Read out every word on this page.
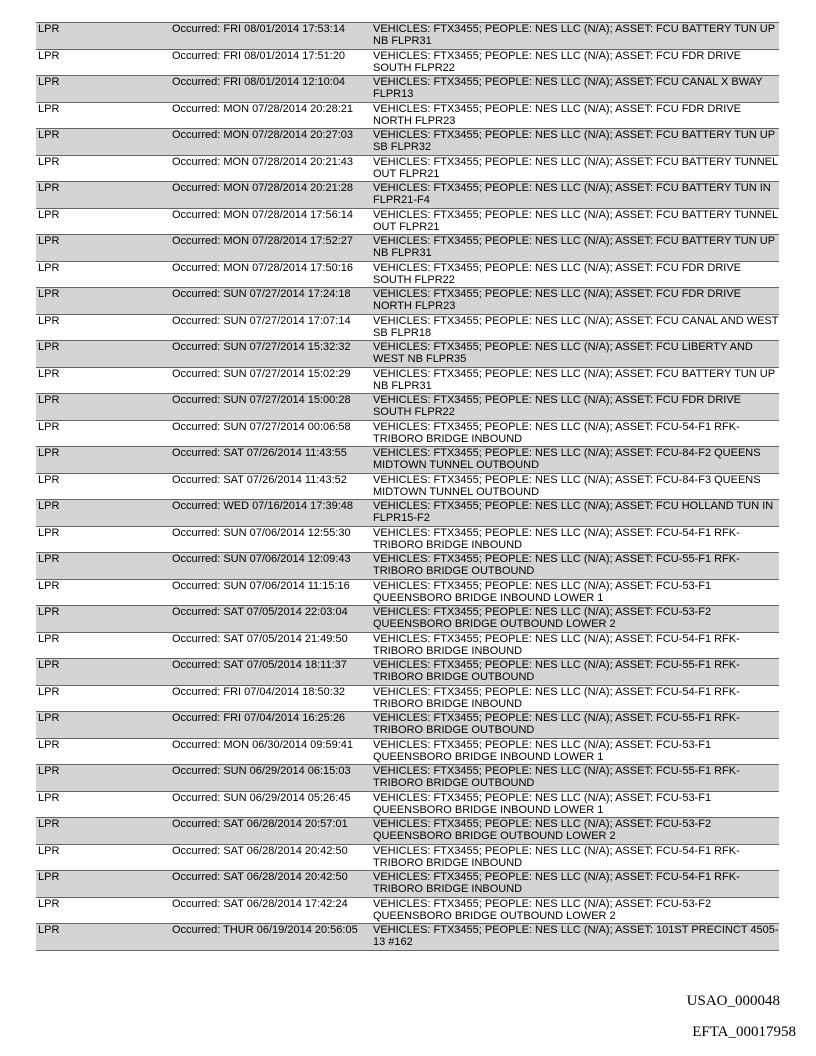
LPR	Occurred: FRI 08/01/2014 17:53:14	VEHICLES: FTX3455; PEOPLE: NES LLC (N/A); ASSET: FCU BATTERY TUN UP NB FLPR31
LPR	Occurred: FRI 08/01/2014 17:51:20	VEHICLES: FTX3455; PEOPLE: NES LLC (N/A); ASSET: FCU FDR DRIVE SOUTH FLPR22
LPR	Occurred: FRI 08/01/2014 12:10:04	VEHICLES: FTX3455; PEOPLE: NES LLC (N/A); ASSET: FCU CANAL X BWAY FLPR13
LPR	Occurred: MON 07/28/2014 20:28:21	VEHICLES: FTX3455; PEOPLE: NES LLC (N/A); ASSET: FCU FDR DRIVE NORTH FLPR23
LPR	Occurred: MON 07/28/2014 20:27:03	VEHICLES: FTX3455; PEOPLE: NES LLC (N/A); ASSET: FCU BATTERY TUN UP SB FLPR32
LPR	Occurred: MON 07/28/2014 20:21:43	VEHICLES: FTX3455; PEOPLE: NES LLC (N/A); ASSET: FCU BATTERY TUNNEL OUT FLPR21
LPR	Occurred: MON 07/28/2014 20:21:28	VEHICLES: FTX3455; PEOPLE: NES LLC (N/A); ASSET: FCU BATTERY TUN IN FLPR21-F4
LPR	Occurred: MON 07/28/2014 17:56:14	VEHICLES: FTX3455; PEOPLE: NES LLC (N/A); ASSET: FCU BATTERY TUNNEL OUT FLPR21
LPR	Occurred: MON 07/28/2014 17:52:27	VEHICLES: FTX3455; PEOPLE: NES LLC (N/A); ASSET: FCU BATTERY TUN UP NB FLPR31
LPR	Occurred: MON 07/28/2014 17:50:16	VEHICLES: FTX3455; PEOPLE: NES LLC (N/A); ASSET: FCU FDR DRIVE SOUTH FLPR22
LPR	Occurred: SUN 07/27/2014 17:24:18	VEHICLES: FTX3455; PEOPLE: NES LLC (N/A); ASSET: FCU FDR DRIVE NORTH FLPR23
LPR	Occurred: SUN 07/27/2014 17:07:14	VEHICLES: FTX3455; PEOPLE: NES LLC (N/A); ASSET: FCU CANAL AND WEST SB FLPR18
LPR	Occurred: SUN 07/27/2014 15:32:32	VEHICLES: FTX3455; PEOPLE: NES LLC (N/A); ASSET: FCU LIBERTY AND WEST NB FLPR35
LPR	Occurred: SUN 07/27/2014 15:02:29	VEHICLES: FTX3455; PEOPLE: NES LLC (N/A); ASSET: FCU BATTERY TUN UP NB FLPR31
LPR	Occurred: SUN 07/27/2014 15:00:28	VEHICLES: FTX3455; PEOPLE: NES LLC (N/A); ASSET: FCU FDR DRIVE SOUTH FLPR22
LPR	Occurred: SUN 07/27/2014 00:06:58	VEHICLES: FTX3455; PEOPLE: NES LLC (N/A); ASSET: FCU-54-F1 RFK-TRIBORO BRIDGE INBOUND
LPR	Occurred: SAT 07/26/2014 11:43:55	VEHICLES: FTX3455; PEOPLE: NES LLC (N/A); ASSET: FCU-84-F2 QUEENS MIDTOWN TUNNEL OUTBOUND
LPR	Occurred: SAT 07/26/2014 11:43:52	VEHICLES: FTX3455; PEOPLE: NES LLC (N/A); ASSET: FCU-84-F3 QUEENS MIDTOWN TUNNEL OUTBOUND
LPR	Occurred: WED 07/16/2014 17:39:48	VEHICLES: FTX3455; PEOPLE: NES LLC (N/A); ASSET: FCU HOLLAND TUN IN FLPR15-F2
LPR	Occurred: SUN 07/06/2014 12:55:30	VEHICLES: FTX3455; PEOPLE: NES LLC (N/A); ASSET: FCU-54-F1 RFK-TRIBORO BRIDGE INBOUND
LPR	Occurred: SUN 07/06/2014 12:09:43	VEHICLES: FTX3455; PEOPLE: NES LLC (N/A); ASSET: FCU-55-F1 RFK-TRIBORO BRIDGE OUTBOUND
LPR	Occurred: SUN 07/06/2014 11:15:16	VEHICLES: FTX3455; PEOPLE: NES LLC (N/A); ASSET: FCU-53-F1 QUEENSBORO BRIDGE INBOUND LOWER 1
LPR	Occurred: SAT 07/05/2014 22:03:04	VEHICLES: FTX3455; PEOPLE: NES LLC (N/A); ASSET: FCU-53-F2 QUEENSBORO BRIDGE OUTBOUND LOWER 2
LPR	Occurred: SAT 07/05/2014 21:49:50	VEHICLES: FTX3455; PEOPLE: NES LLC (N/A); ASSET: FCU-54-F1 RFK-TRIBORO BRIDGE INBOUND
LPR	Occurred: SAT 07/05/2014 18:11:37	VEHICLES: FTX3455; PEOPLE: NES LLC (N/A); ASSET: FCU-55-F1 RFK-TRIBORO BRIDGE OUTBOUND
LPR	Occurred: FRI 07/04/2014 18:50:32	VEHICLES: FTX3455; PEOPLE: NES LLC (N/A); ASSET: FCU-54-F1 RFK-TRIBORO BRIDGE INBOUND
LPR	Occurred: FRI 07/04/2014 16:25:26	VEHICLES: FTX3455; PEOPLE: NES LLC (N/A); ASSET: FCU-55-F1 RFK-TRIBORO BRIDGE OUTBOUND
LPR	Occurred: MON 06/30/2014 09:59:41	VEHICLES: FTX3455; PEOPLE: NES LLC (N/A); ASSET: FCU-53-F1 QUEENSBORO BRIDGE INBOUND LOWER 1
LPR	Occurred: SUN 06/29/2014 06:15:03	VEHICLES: FTX3455; PEOPLE: NES LLC (N/A); ASSET: FCU-55-F1 RFK-TRIBORO BRIDGE OUTBOUND
LPR	Occurred: SUN 06/29/2014 05:26:45	VEHICLES: FTX3455; PEOPLE: NES LLC (N/A); ASSET: FCU-53-F1 QUEENSBORO BRIDGE INBOUND LOWER 1
LPR	Occurred: SAT 06/28/2014 20:57:01	VEHICLES: FTX3455; PEOPLE: NES LLC (N/A); ASSET: FCU-53-F2 QUEENSBORO BRIDGE OUTBOUND LOWER 2
LPR	Occurred: SAT 06/28/2014 20:42:50	VEHICLES: FTX3455; PEOPLE: NES LLC (N/A); ASSET: FCU-54-F1 RFK-TRIBORO BRIDGE INBOUND
LPR	Occurred: SAT 06/28/2014 20:42:50	VEHICLES: FTX3455; PEOPLE: NES LLC (N/A); ASSET: FCU-54-F1 RFK-TRIBORO BRIDGE INBOUND
LPR	Occurred: SAT 06/28/2014 17:42:24	VEHICLES: FTX3455; PEOPLE: NES LLC (N/A); ASSET: FCU-53-F2 QUEENSBORO BRIDGE OUTBOUND LOWER 2
LPR	Occurred: THUR 06/19/2014 20:56:05	VEHICLES: FTX3455; PEOPLE: NES LLC (N/A); ASSET: 101ST PRECINCT 4505-13 #162
USAO_000048
EFTA_00017958
